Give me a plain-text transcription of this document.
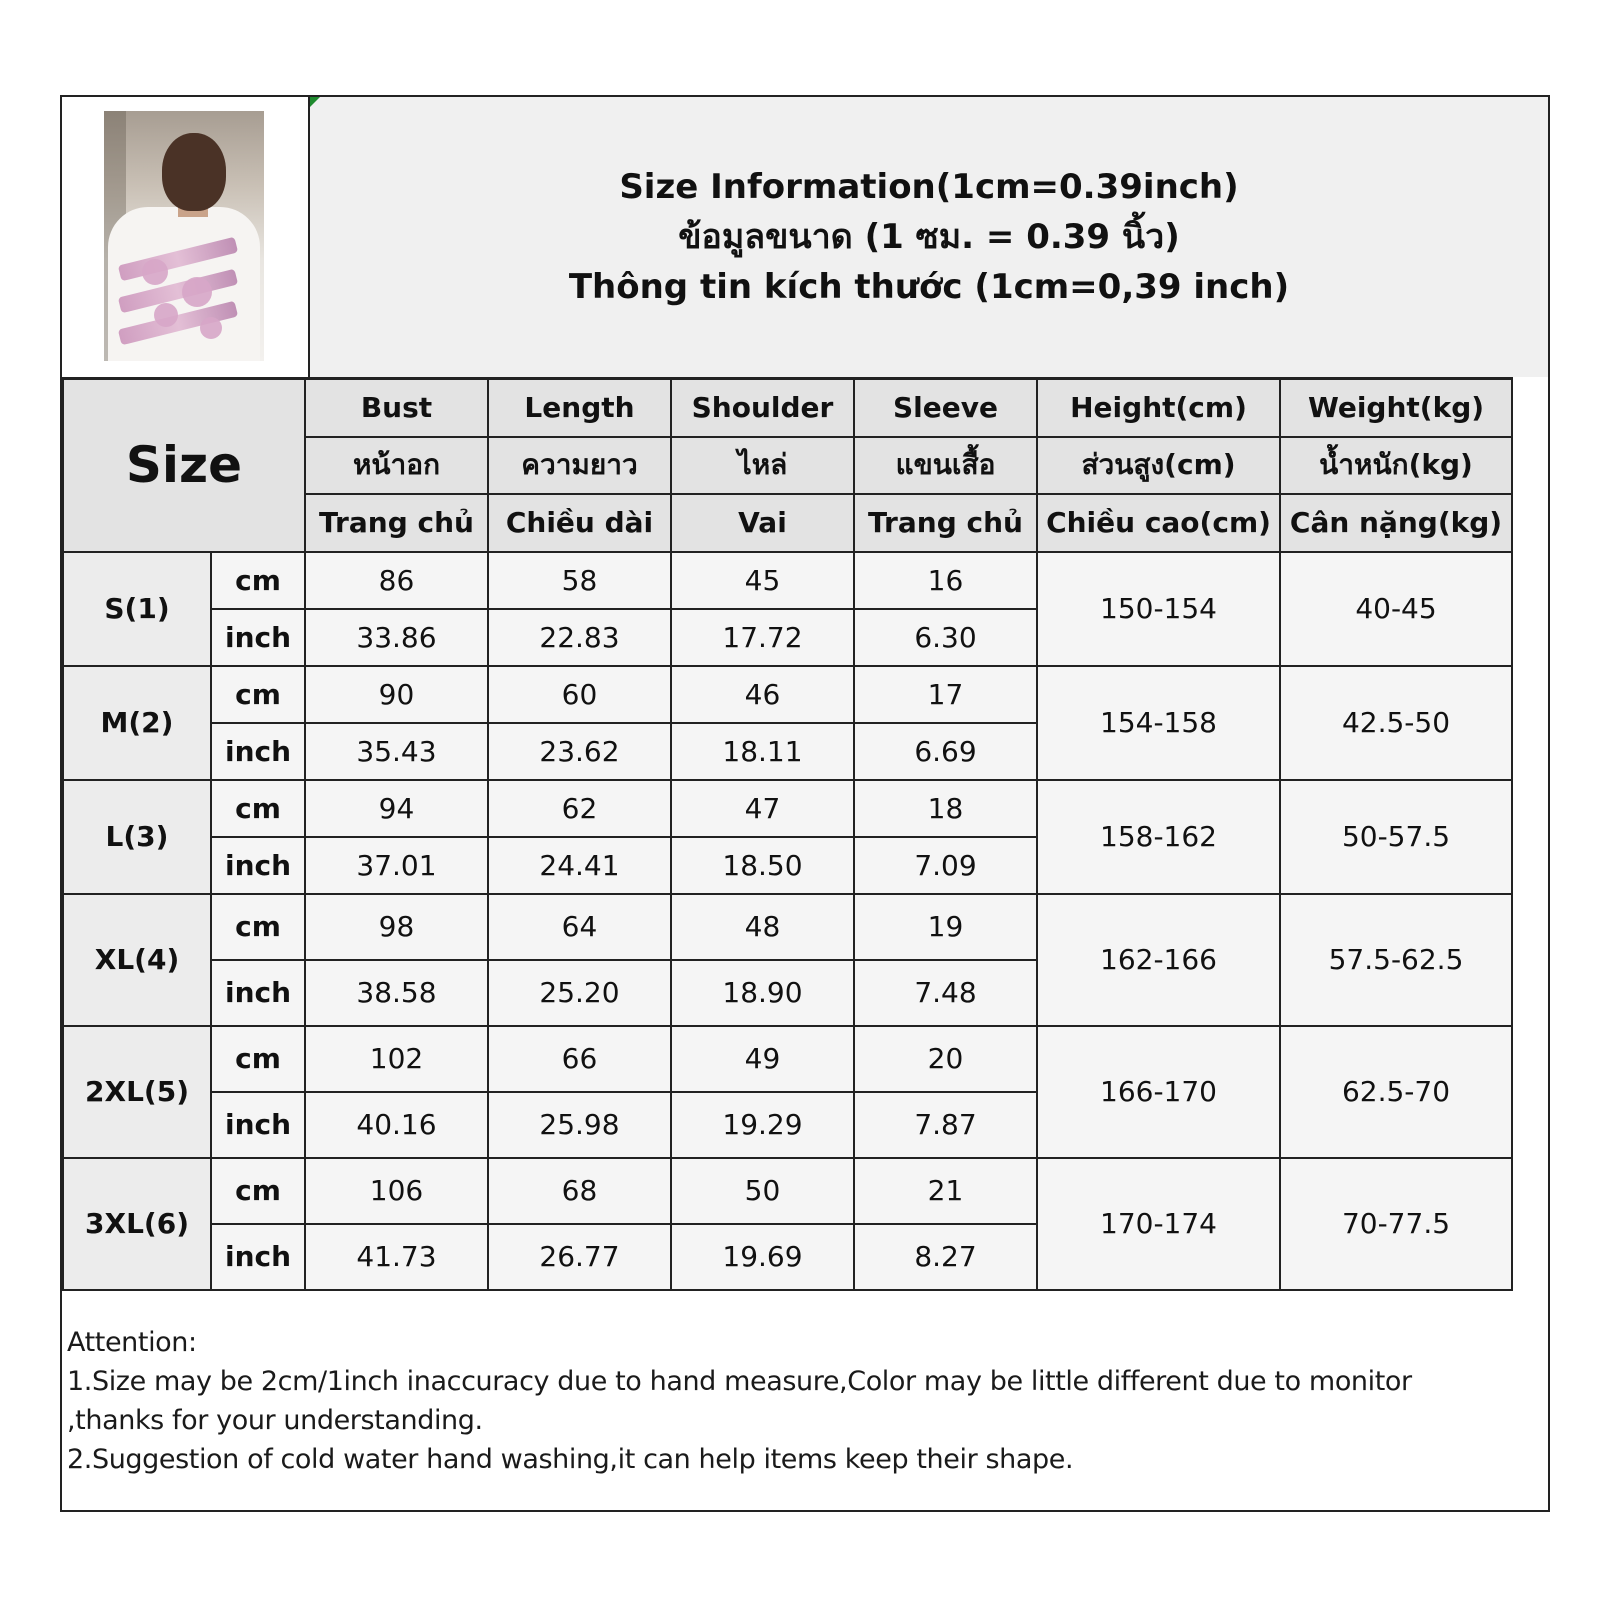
Size Information(1cm=0.39inch)
ข้อมูลขนาด (1 ซม. = 0.39 นิ้ว)
Thông tin kích thước (1cm=0,39 inch)
Size		Bust	Length	Shoulder	Sleeve	Height(cm)	Weight(kg)
		หน้าอก	ความยาว	ไหล่	แขนเสื้อ	ส่วนสูง(cm)	น้ำหนัก(kg)
		Trang chủ	Chiều dài	Vai	Trang chủ	Chiều cao(cm)	Cân nặng(kg)
S(1)	cm	86	58	45	16	150-154	40-45
	inch	33.86	22.83	17.72	6.30		
M(2)	cm	90	60	46	17	154-158	42.5-50
	inch	35.43	23.62	18.11	6.69		
L(3)	cm	94	62	47	18	158-162	50-57.5
	inch	37.01	24.41	18.50	7.09		
XL(4)	cm	98	64	48	19	162-166	57.5-62.5
	inch	38.58	25.20	18.90	7.48		
2XL(5)	cm	102	66	49	20	166-170	62.5-70
	inch	40.16	25.98	19.29	7.87		
3XL(6)	cm	106	68	50	21	170-174	70-77.5
	inch	41.73	26.77	19.69	8.27		
Attention:
1.Size may be 2cm/1inch inaccuracy due to hand measure,Color may be little different due to monitor
,thanks for your understanding.
2.Suggestion of cold water hand washing,it can help items keep their shape.
